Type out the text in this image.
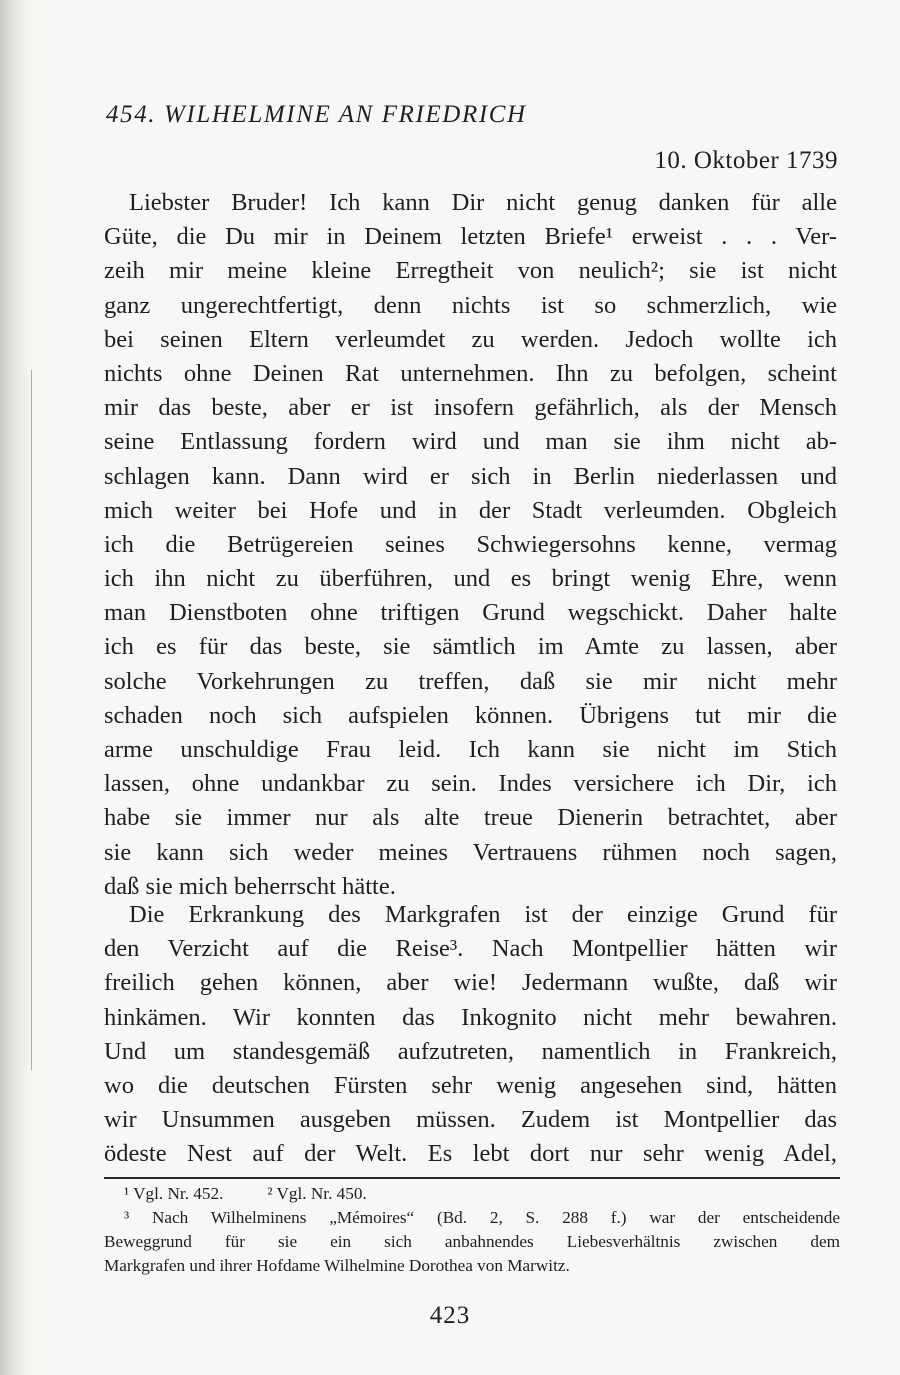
454. WILHELMINE AN FRIEDRICH
10. Oktober 1739
Liebster Bruder! Ich kann Dir nicht genug danken für alle
Güte, die Du mir in Deinem letzten Briefe¹ erweist . . . Ver-
zeih mir meine kleine Erregtheit von neulich²; sie ist nicht
ganz ungerechtfertigt, denn nichts ist so schmerzlich, wie
bei seinen Eltern verleumdet zu werden. Jedoch wollte ich
nichts ohne Deinen Rat unternehmen. Ihn zu befolgen, scheint
mir das beste, aber er ist insofern gefährlich, als der Mensch
seine Entlassung fordern wird und man sie ihm nicht ab-
schlagen kann. Dann wird er sich in Berlin niederlassen und
mich weiter bei Hofe und in der Stadt verleumden. Obgleich
ich die Betrügereien seines Schwiegersohns kenne, vermag
ich ihn nicht zu überführen, und es bringt wenig Ehre, wenn
man Dienstboten ohne triftigen Grund wegschickt. Daher halte
ich es für das beste, sie sämtlich im Amte zu lassen, aber
solche Vorkehrungen zu treffen, daß sie mir nicht mehr
schaden noch sich aufspielen können. Übrigens tut mir die
arme unschuldige Frau leid. Ich kann sie nicht im Stich
lassen, ohne undankbar zu sein. Indes versichere ich Dir, ich
habe sie immer nur als alte treue Dienerin betrachtet, aber
sie kann sich weder meines Vertrauens rühmen noch sagen,
daß sie mich beherrscht hätte.
Die Erkrankung des Markgrafen ist der einzige Grund für
den Verzicht auf die Reise³. Nach Montpellier hätten wir
freilich gehen können, aber wie! Jedermann wußte, daß wir
hinkämen. Wir konnten das Inkognito nicht mehr bewahren.
Und um standesgemäß aufzutreten, namentlich in Frankreich,
wo die deutschen Fürsten sehr wenig angesehen sind, hätten
wir Unsummen ausgeben müssen. Zudem ist Montpellier das
ödeste Nest auf der Welt. Es lebt dort nur sehr wenig Adel,
¹ Vgl. Nr. 452.	² Vgl. Nr. 450.
³ Nach Wilhelminens „Mémoires“ (Bd. 2, S. 288 f.) war der entscheidende
Beweggrund für sie ein sich anbahnendes Liebesverhältnis zwischen dem
Markgrafen und ihrer Hofdame Wilhelmine Dorothea von Marwitz.
423
